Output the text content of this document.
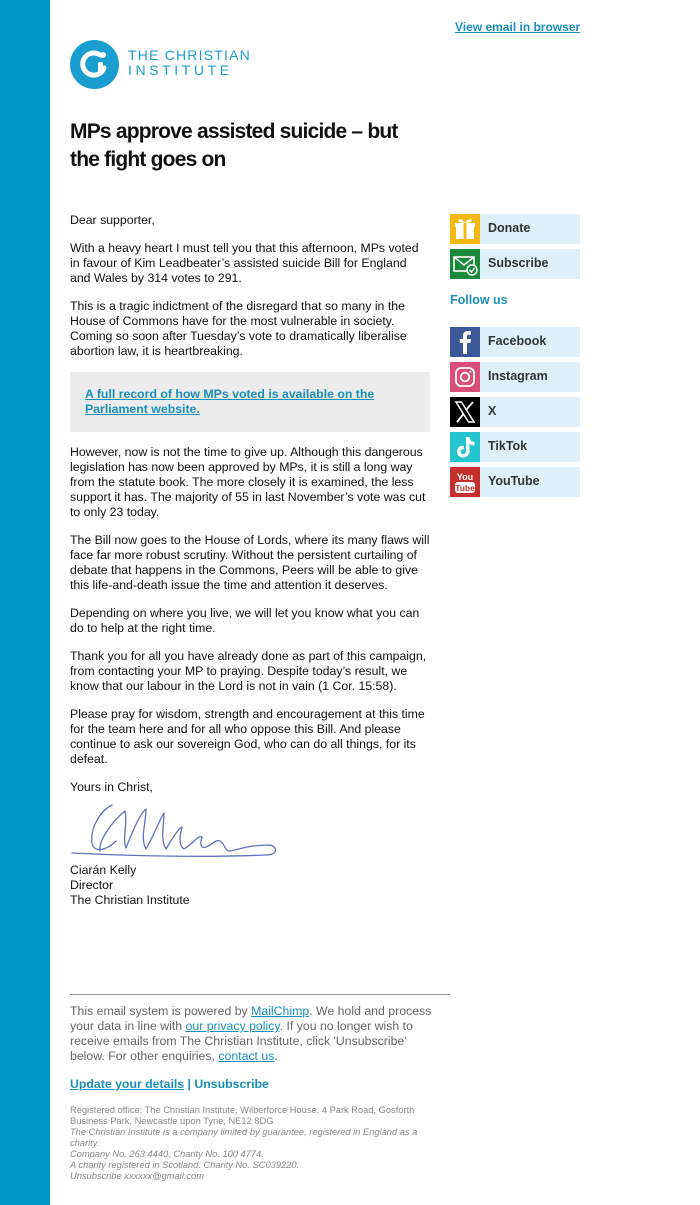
View email in browser
THE CHRISTIAN
INSTITUTE
MPs approve assisted suicide – but the fight goes on

Dear supporter,

With a heavy heart I must tell you that this afternoon, MPs voted in favour of Kim Leadbeater’s assisted suicide Bill for England and Wales by 314 votes to 291.

This is a tragic indictment of the disregard that so many in the House of Commons have for the most vulnerable in society. Coming so soon after Tuesday’s vote to dramatically liberalise abortion law, it is heartbreaking.

A full record of how MPs voted is available on the Parliament website.

However, now is not the time to give up. Although this dangerous legislation has now been approved by MPs, it is still a long way from the statute book. The more closely it is examined, the less support it has. The majority of 55 in last November’s vote was cut to only 23 today.

The Bill now goes to the House of Lords, where its many flaws will face far more robust scrutiny. Without the persistent curtailing of debate that happens in the Commons, Peers will be able to give this life-and-death issue the time and attention it deserves.

Depending on where you live, we will let you know what you can do to help at the right time.

Thank you for all you have already done as part of this campaign, from contacting your MP to praying. Despite today’s result, we know that our labour in the Lord is not in vain (1 Cor. 15:58).

Please pray for wisdom, strength and encouragement at this time for the team here and for all who oppose this Bill. And please continue to ask our sovereign God, who can do all things, for its defeat.

Yours in Christ,

Ciarán Kelly

Director

The Christian Institute

Donate
Subscribe
Follow us
Facebook
Instagram
X
TikTok
You
Tube YouTube
This email system is powered by MailChimp. We hold and process your data in line with our privacy policy. If you no longer wish to receive emails from The Christian Institute, click 'Unsubscribe' below. For other enquiries, contact us.
Update your details | Unsubscribe
Registered office: The Christian Institute, Wilberforce House, 4 Park Road, Gosforth Business Park, Newcastle upon Tyne, NE12 8DG
The Christian Institute is a company limited by guarantee, registered in England as a charity.
Company No. 263 4440, Charity No. 100 4774.
A charity registered in Scotland. Charity No. SC039220.
Unsubscribe xxxxxx@gmail.com
